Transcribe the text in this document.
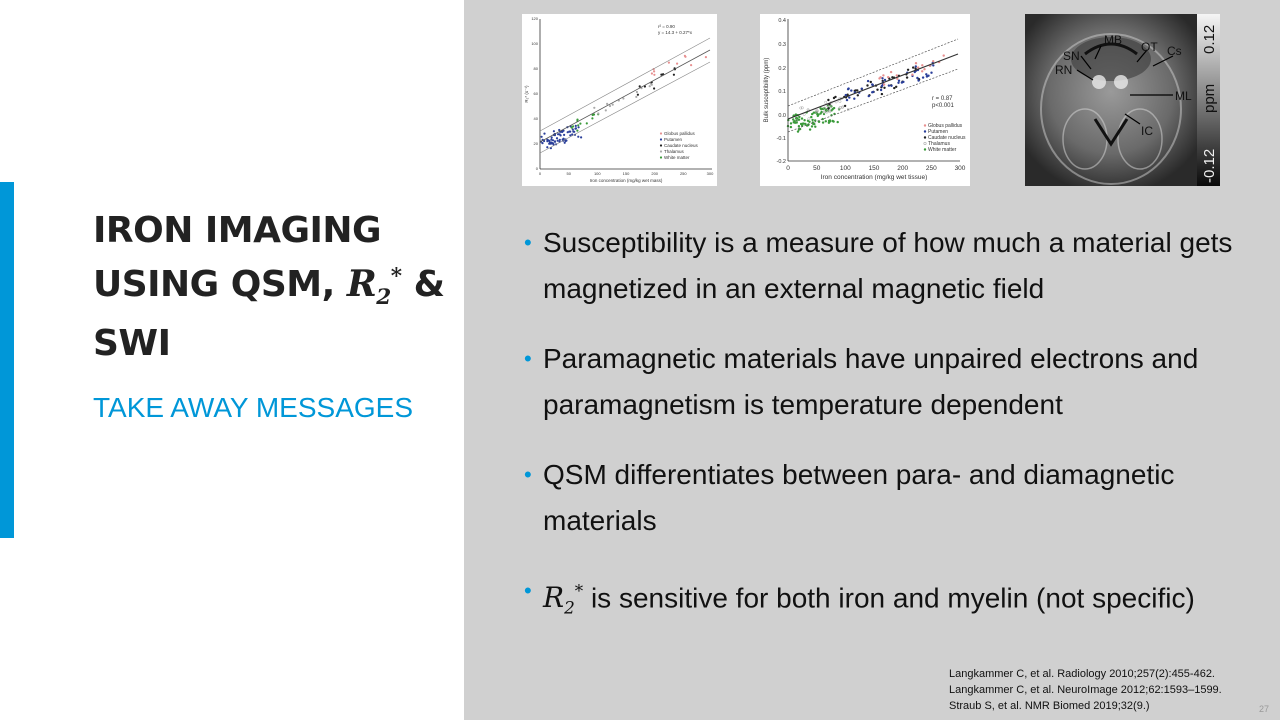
IRON IMAGING
USING QSM, $R_2^*$ &
SWI

TAKE AWAY MESSAGES

r² = 0.90
y = 14.3 + 0.27*x
Globus pallidus
Putamen
Caudate nucleus
Thalamus
White matter
0	50	100	150	200	250	300
0
20
40
60
80
100
120
Iron concentration (mg/kg wet mass)
R₂* (s⁻¹)	r = 0.87
p<0.001
Globus pallidus
Putamen
Caudate nucleus
Thalamus
White matter
0	50	100	150	200	250	300
-0.2
-0.1
0.0
0.1
0.2
0.3
0.4
Iron concentration (mg/kg wet tissue)
Bulk susceptibility (ppm)
MB
SN
RN
OT Cs
ML
IC
0.12
ppm
-0.12
• Susceptibility is a measure of how much a material gets magnetized in an external magnetic field
• Paramagnetic materials have unpaired electrons and paramagnetism is temperature dependent
• QSM differentiates between para- and diamagnetic materials
• $R_2^*$ is sensitive for both iron and myelin (not specific)
Langkammer C, et al. Radiology 2010;257(2):455-462.
Langkammer C, et al. NeuroImage 2012;62:1593–1599.
Straub S, et al. NMR Biomed 2019;32(9.)	27
